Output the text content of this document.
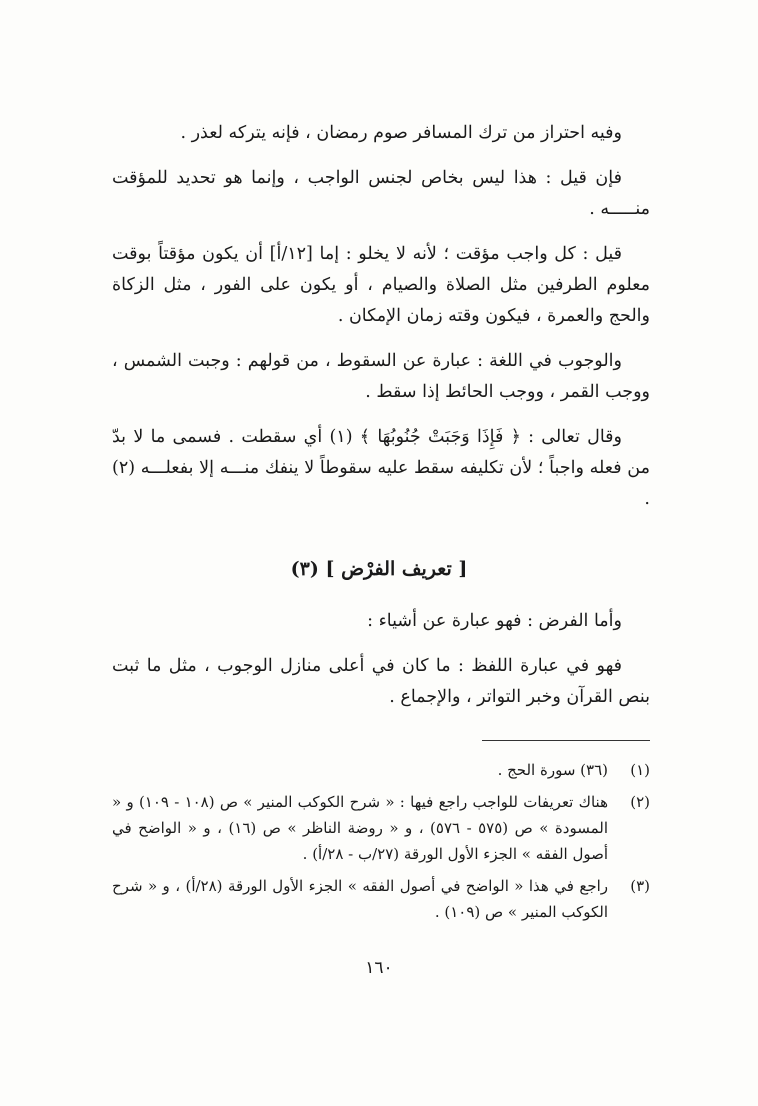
وفيه احتراز من ترك المسافر صوم رمضان ، فإنه يتركه لعذر .

فإن قيل : هذا ليس بخاص لجنس الواجب ، وإنما هو تحديد للمؤقت منـــــه .

قيل : كل واجب مؤقت ؛ لأنه لا يخلو : إما [١٢/أ] أن يكون مؤقتاً بوقت معلوم الطرفين مثل الصلاة والصيام ، أو يكون على الفور ، مثل الزكاة والحج والعمرة ، فيكون وقته زمان الإمكان .

والوجوب في اللغة : عبارة عن السقوط ، من قولهم : وجبت الشمس ، ووجب القمر ، ووجب الحائط إذا سقط .

وقال تعالى : ﴿ فَإِذَا وَجَبَتْ جُنُوبُهَا ﴾ (١) أي سقطت . فسمى ما لا بدّ من فعله واجباً ؛ لأن تكليفه سقط عليه سقوطاً لا ينفك منـــه إلا بفعلـــه (٢) .

[ تعريف الفرْض ] (٣)

وأما الفرض : فهو عبارة عن أشياء :

فهو في عبارة اللفظ : ما كان في أعلى منازل الوجوب ، مثل ما ثبت بنص القرآن وخبر التواتر ، والإجماع .

(١)
(٣٦) سورة الحج .
(٢)
هناك تعريفات للواجب راجع فيها : « شرح الكوكب المنير » ص (١٠٨ - ١٠٩) و « المسودة » ص (٥٧٥ - ٥٧٦) ، و « روضة الناظر » ص (١٦) ، و « الواضح في أصول الفقه » الجزء الأول الورقة (٢٧/ب - ٢٨/أ) .
(٣)
راجع في هذا « الواضح في أصول الفقه » الجزء الأول الورقة (٢٨/أ) ، و « شرح الكوكب المنير » ص (١٠٩) .
١٦٠
